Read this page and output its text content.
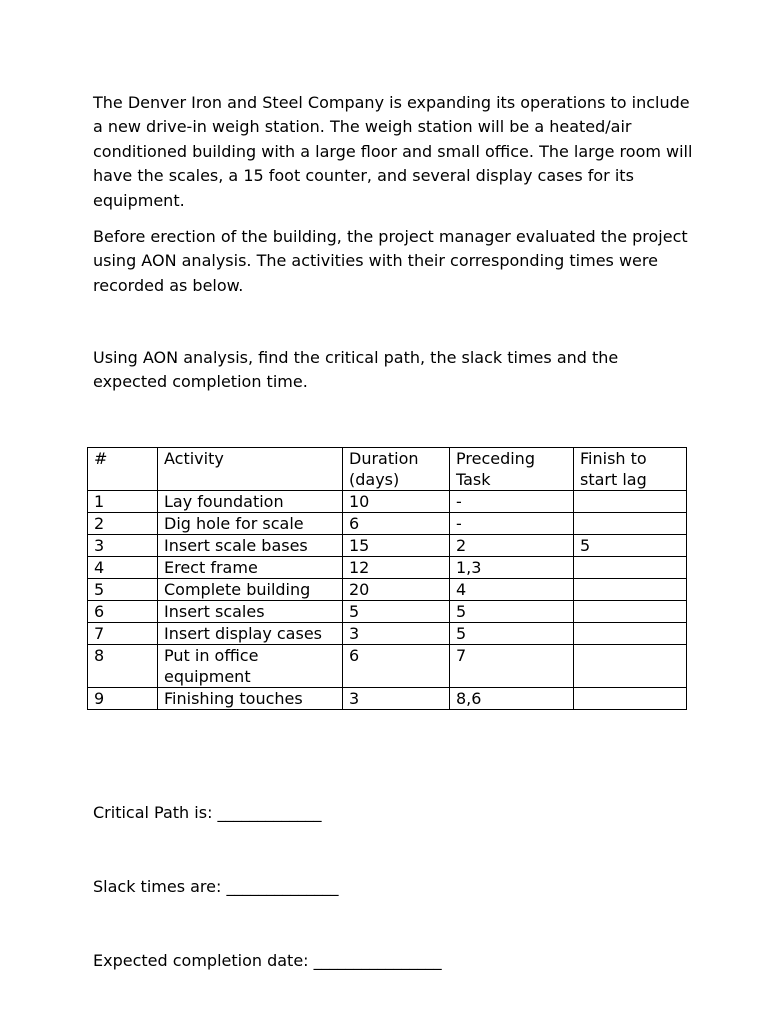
The Denver Iron and Steel Company is expanding its operations to include a new drive-in weigh station. The weigh station will be a heated/air conditioned building with a large floor and small office. The large room will have the scales, a 15 foot counter, and several display cases for its equipment.

Before erection of the building, the project manager evaluated the project using AON analysis. The activities with their corresponding times were recorded as below.

Using AON analysis, find the critical path, the slack times and the expected completion time.

#	Activity	Duration (days)	Preceding Task	Finish to start lag
1	Lay foundation	10	-	
2	Dig hole for scale	6	-	
3	Insert scale bases	15	2	5
4	Erect frame	12	1,3	
5	Complete building	20	4	
6	Insert scales	5	5	
7	Insert display cases	3	5	
8	Put in office equipment	6	7	
9	Finishing touches	3	8,6	

Critical Path is: _____________

Slack times are: ______________

Expected completion date: ________________
